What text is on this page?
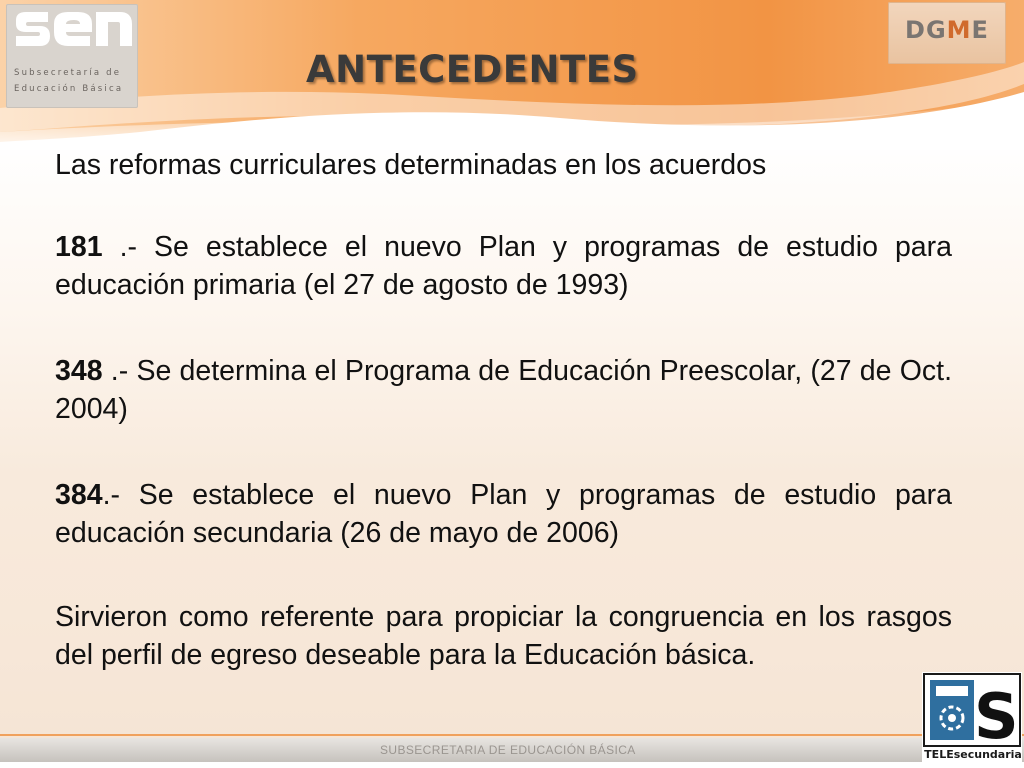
Subsecretaría de
Educación Básica
DGME
ANTECEDENTES
Las reformas curriculares determinadas en los acuerdos
181 .- Se establece el nuevo Plan y programas de estudio para educación primaria (el 27 de agosto de 1993)
348 .- Se determina el Programa de Educación Preescolar, (27 de Oct. 2004)
384.- Se establece el nuevo Plan y programas de estudio para educación secundaria (26 de mayo de 2006)
Sirvieron como referente para propiciar la congruencia en los rasgos del perfil de egreso deseable para la Educación básica.
SUBSECRETARIA DE EDUCACIÓN BÁSICA	S
TELEsecundaria
